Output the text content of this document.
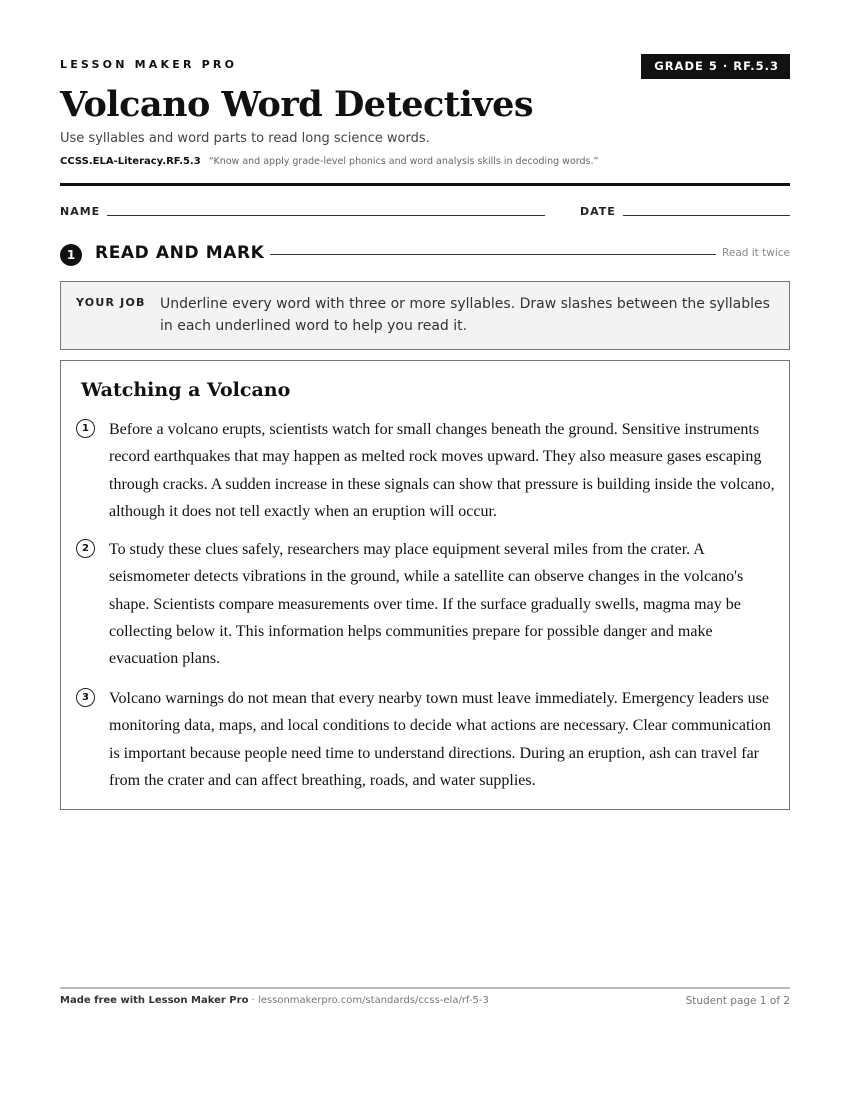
LESSON MAKER PRO	GRADE 5 · RF.5.3
Volcano Word Detectives
Use syllables and word parts to read long science words.
CCSS.ELA-Literacy.RF.5.3 “Know and apply grade-level phonics and word analysis skills in decoding words.”
NAME	DATE
1	READ AND MARK	Read it twice
YOUR JOB Underline every word with three or more syllables. Draw slashes between the syllables in each underlined word to help you read it.
Watching a Volcano
1	Before a volcano erupts, scientists watch for small changes beneath the ground. Sensitive instruments record earthquakes that may happen as melted rock moves upward. They also measure gases escaping through cracks. A sudden increase in these signals can show that pressure is building inside the volcano, although it does not tell exactly when an eruption will occur.
2	To study these clues safely, researchers may place equipment several miles from the crater. A seismometer detects vibrations in the ground, while a satellite can observe changes in the volcano's shape. Scientists compare measurements over time. If the surface gradually swells, magma may be collecting below it. This information helps communities prepare for possible danger and make evacuation plans.
3	Volcano warnings do not mean that every nearby town must leave immediately. Emergency leaders use monitoring data, maps, and local conditions to decide what actions are necessary. Clear communication is important because people need time to understand directions. During an eruption, ash can travel far from the crater and can affect breathing, roads, and water supplies.
Made free with Lesson Maker Pro · lessonmakerpro.com/standards/ccss-ela/rf-5-3	Student page 1 of 2
